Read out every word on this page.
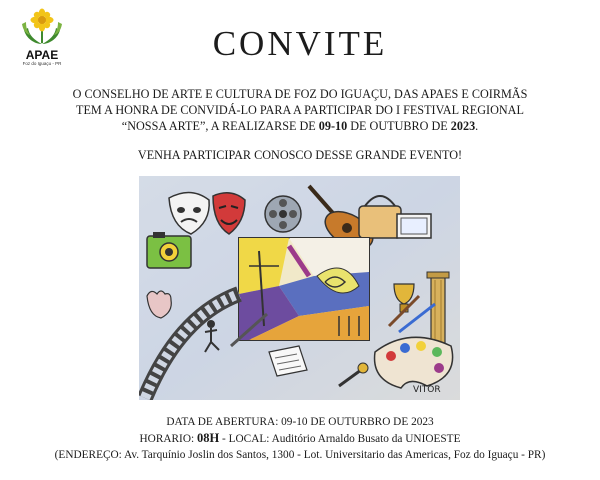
APAE
Foz do Iguaçu - PR
CONVITE
O CONSELHO DE ARTE E CULTURA DE FOZ DO IGUAÇU, DAS APAES E COIRMÃS
TEM A HONRA DE CONVIDÁ-LO PARA A PARTICIPAR DO I FESTIVAL REGIONAL
“NOSSA ARTE”, A REALIZARSE DE 09-10 DE OUTUBRO DE 2023.
VENHA PARTICIPAR CONOSCO DESSE GRANDE EVENTO!
VITOR
DATA DE ABERTURA: 09-10 DE OUTURBRO DE 2023
HORARIO: 08H - LOCAL: Auditório Arnaldo Busato da UNIOESTE
(ENDEREÇO: Av. Tarquínio Joslin dos Santos, 1300 - Lot. Universitario das Americas, Foz do Iguaçu - PR)
